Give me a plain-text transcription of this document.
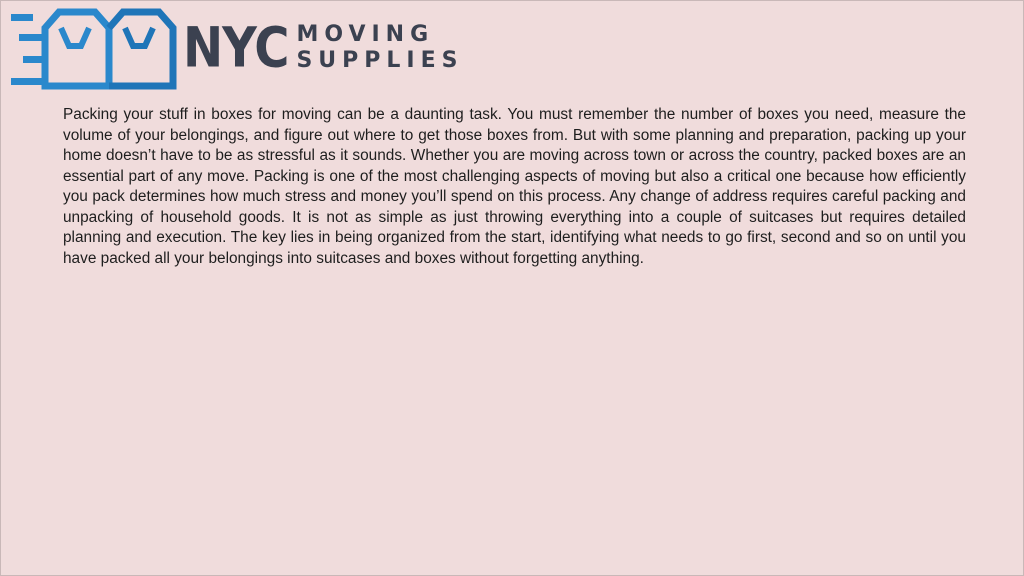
NYC MOVING
SUPPLIES

Packing your stuff in boxes for moving can be a daunting task. You must remember the number of boxes you need, measure the volume of your belongings, and figure out where to get those boxes from. But with some planning and preparation, packing up your home doesn’t have to be as stressful as it sounds. Whether you are moving across town or across the country, packed boxes are an essential part of any move. Packing is one of the most challenging aspects of moving but also a critical one because how efficiently you pack determines how much stress and money you’ll spend on this process. Any change of address requires careful packing and unpacking of household goods. It is not as simple as just throwing everything into a couple of suitcases but requires detailed planning and execution. The key lies in being organized from the start, identifying what needs to go first, second and so on until you have packed all your belongings into suitcases and boxes without forgetting anything.
